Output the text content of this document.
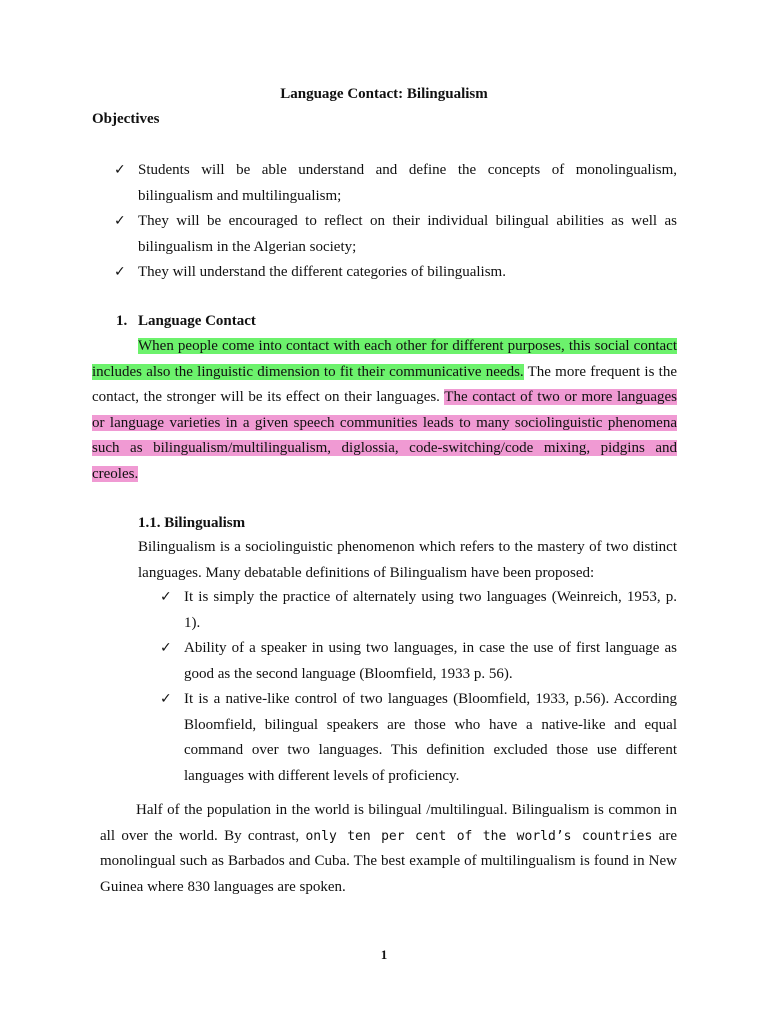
Language Contact: Bilingualism
Objectives
✓ Students will be able understand and define the concepts of monolingualism, bilingualism and multilingualism;
✓ They will be encouraged to reflect on their individual bilingual abilities as well as bilingualism in the Algerian society;
✓ They will understand the different categories of bilingualism.
1. Language Contact

When people come into contact with each other for different purposes, this social contact includes also the linguistic dimension to fit their communicative needs. The more frequent is the contact, the stronger will be its effect on their languages. The contact of two or more languages or language varieties in a given speech communities leads to many sociolinguistic phenomena such as bilingualism/multilingualism, diglossia, code-switching/code mixing, pidgins and creoles.

1.1. Bilingualism

Bilingualism is a sociolinguistic phenomenon which refers to the mastery of two distinct languages. Many debatable definitions of Bilingualism have been proposed:

✓ It is simply the practice of alternately using two languages (Weinreich, 1953, p. 1).
✓ Ability of a speaker in using two languages, in case the use of first language as good as the second language (Bloomfield, 1933 p. 56).
✓ It is a native-like control of two languages (Bloomfield, 1933, p.56). According Bloomfield, bilingual speakers are those who have a native-like and equal command over two languages. This definition excluded those use different languages with different levels of proficiency.

Half of the population in the world is bilingual /multilingual. Bilingualism is common in all over the world. By contrast, only ten per cent of the world’s countries are monolingual such as Barbados and Cuba. The best example of multilingualism is found in New Guinea where 830 languages are spoken.

1
